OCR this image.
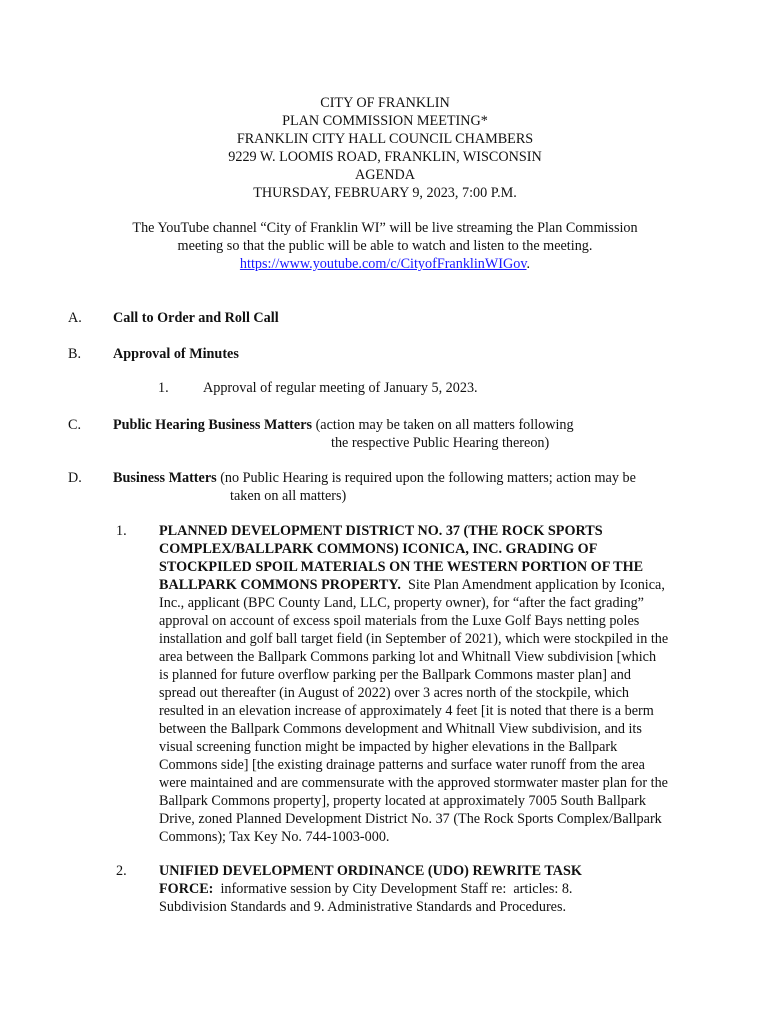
CITY OF FRANKLIN
PLAN COMMISSION MEETING*
FRANKLIN CITY HALL COUNCIL CHAMBERS
9229 W. LOOMIS ROAD, FRANKLIN, WISCONSIN
AGENDA
THURSDAY, FEBRUARY 9, 2023, 7:00 P.M.
The YouTube channel “City of Franklin WI” will be live streaming the Plan Commission
meeting so that the public will be able to watch and listen to the meeting.
https://www.youtube.com/c/CityofFranklinWIGov.
A. Call to Order and Roll Call
B. Approval of Minutes
1. Approval of regular meeting of January 5, 2023.
C. Public Hearing Business Matters (action may be taken on all matters following
the respective Public Hearing thereon)
D. Business Matters (no Public Hearing is required upon the following matters; action may be
taken on all matters)
1. PLANNED DEVELOPMENT DISTRICT NO. 37 (THE ROCK SPORTS
COMPLEX/BALLPARK COMMONS) ICONICA, INC. GRADING OF
STOCKPILED SPOIL MATERIALS ON THE WESTERN PORTION OF THE
BALLPARK COMMONS PROPERTY.  Site Plan Amendment application by Iconica,
Inc., applicant (BPC County Land, LLC, property owner), for “after the fact grading”
approval on account of excess spoil materials from the Luxe Golf Bays netting poles
installation and golf ball target field (in September of 2021), which were stockpiled in the
area between the Ballpark Commons parking lot and Whitnall View subdivision [which
is planned for future overflow parking per the Ballpark Commons master plan] and
spread out thereafter (in August of 2022) over 3 acres north of the stockpile, which
resulted in an elevation increase of approximately 4 feet [it is noted that there is a berm
between the Ballpark Commons development and Whitnall View subdivision, and its
visual screening function might be impacted by higher elevations in the Ballpark
Commons side] [the existing drainage patterns and surface water runoff from the area
were maintained and are commensurate with the approved stormwater master plan for the
Ballpark Commons property], property located at approximately 7005 South Ballpark
Drive, zoned Planned Development District No. 37 (The Rock Sports Complex/Ballpark
Commons); Tax Key No. 744-1003-000.
2. UNIFIED DEVELOPMENT ORDINANCE (UDO) REWRITE TASK
FORCE:  informative session by City Development Staff re:  articles: 8.
Subdivision Standards and 9. Administrative Standards and Procedures.
